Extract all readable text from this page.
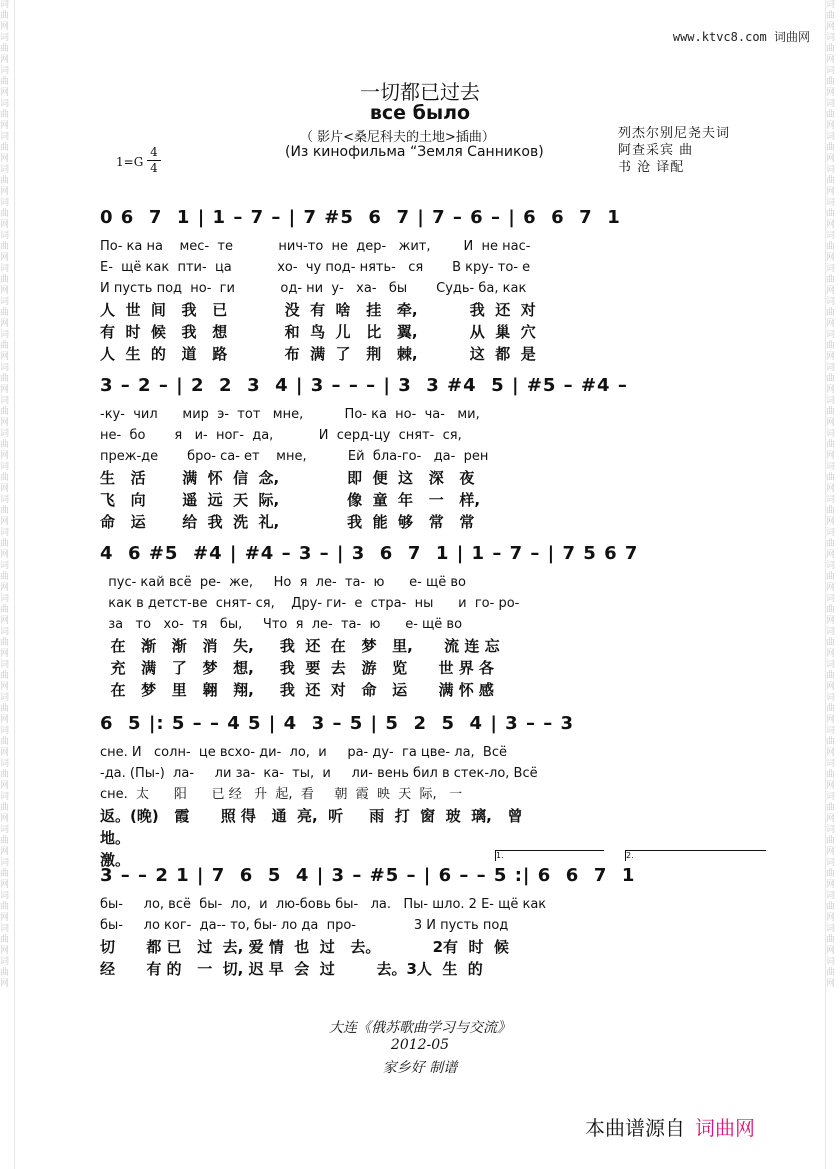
词曲网词曲网词曲网词曲网词曲网词曲网词曲网词曲网词曲网词曲网词曲网词曲网词曲网词曲网词曲网词曲网词曲网词曲网词曲网词曲网词曲网词曲网词曲网词曲网词曲网词曲网词曲网词曲网词曲网词曲网
词曲网词曲网词曲网词曲网词曲网词曲网词曲网词曲网词曲网词曲网词曲网词曲网词曲网词曲网词曲网词曲网词曲网词曲网词曲网词曲网词曲网词曲网词曲网词曲网词曲网词曲网词曲网词曲网词曲网词曲网
www.ktvc8.com 词曲网
一切都已过去
все было
（ 影片<桑尼科夫的土地>插曲）
(Из кинофильма “Земля Санников)
列杰尔别尼尧夫词
阿查采宾 曲
书 沧 译配
1=G
4
4
0 6  7  1 | 1 – 7 – | 7 #5  6  7 | 7 – 6 – | 6  6  7  1
По- ка на    мес-  те           нич-то  не  дер-   жит,        И  не нас-
Е-  щё как  пти-  ца           хо-  чу под- нять-   ся       В кру- то- е
И пусть под  но-  ги           од- ни  у-   ха-   бы       Судь- ба, как
人  世  间   我   已           没  有  啥   挂   牵,          我  还  对
有  时  候   我   想           和  鸟  儿   比   翼,          从  巢  穴
人  生  的   道   路           布  满  了   荆   棘,          这  都  是
3 – 2 – | 2  2  3  4 | 3 – – – | 3  3 #4  5 | #5 – #4 –
-ку-  чил      мир  э-  тот   мне,          По- ка  но-  ча-   ми,
не-  бо       я   и-  ног-  да,           И  серд-цу  снят-  ся,
преж-де       бро- са- ет    мне,          Ей  бла-го-   да-  рен
生   活       满  怀  信  念,             即  便  这   深   夜
飞   向       遥  远  天  际,             像  童  年   一   样,
命   运       给  我  洗  礼,             我  能  够   常   常
4  6 #5  #4 | #4 – 3 – | 3  6  7  1 | 1 – 7 – | 7 5 6 7
пус- кай всё  ре-  же,     Но  я  ле-  та-  ю      е- щё во
как в детст-ве  снят- ся,    Дру- ги-  е  стра-  ны      и  го- ро-
за   то   хо-  тя   бы,     Что  я  ле-  та-  ю      е- щё во
在   渐   渐   消   失,     我  还  在   梦   里,      流 连 忘
充   满   了   梦   想,     我  要  去   游   览      世 界 各
在   梦   里   翱   翔,     我  还  对   命   运      满 怀 感
6  5 |: 5 – – 4 5 | 4  3 – 5 | 5  2  5  4 | 3 – – 3
сне. И   солн-  це всхо- ди-  ло,  и     ра- ду-  га цве- ла,  Всё
-да. (Пы-)  ла-     ли за-  ка-  ты,  и     ли- вень бил в стек-ло, Всё
сне.  太      阳      已 经   升  起,  看     朝  霞  映  天  际,   一
返。(晚)   霞      照 得   通  亮,  听     雨  打  窗  玻  璃,   曾
地。
激。	1.	2.
3 – – 2 1 | 7  6  5  4 | 3 – #5 – | 6 – – 5 :| 6  6  7  1
бы-     ло, всё  бы-  ло,  и  лю-бовь бы-   ла.   Пы- шло. 2 Е- щё как
бы-     ло ког-  да-- то, бы- ло да  про-              3 И пусть под
切      都 已   过  去, 爱 情  也  过   去。          2有  时  候
经      有 的   一  切, 迟 早  会  过        去。3人  生  的
大连《俄苏歌曲学习与交流》
2012-05
家乡好 制谱
本曲谱源自 词曲网
